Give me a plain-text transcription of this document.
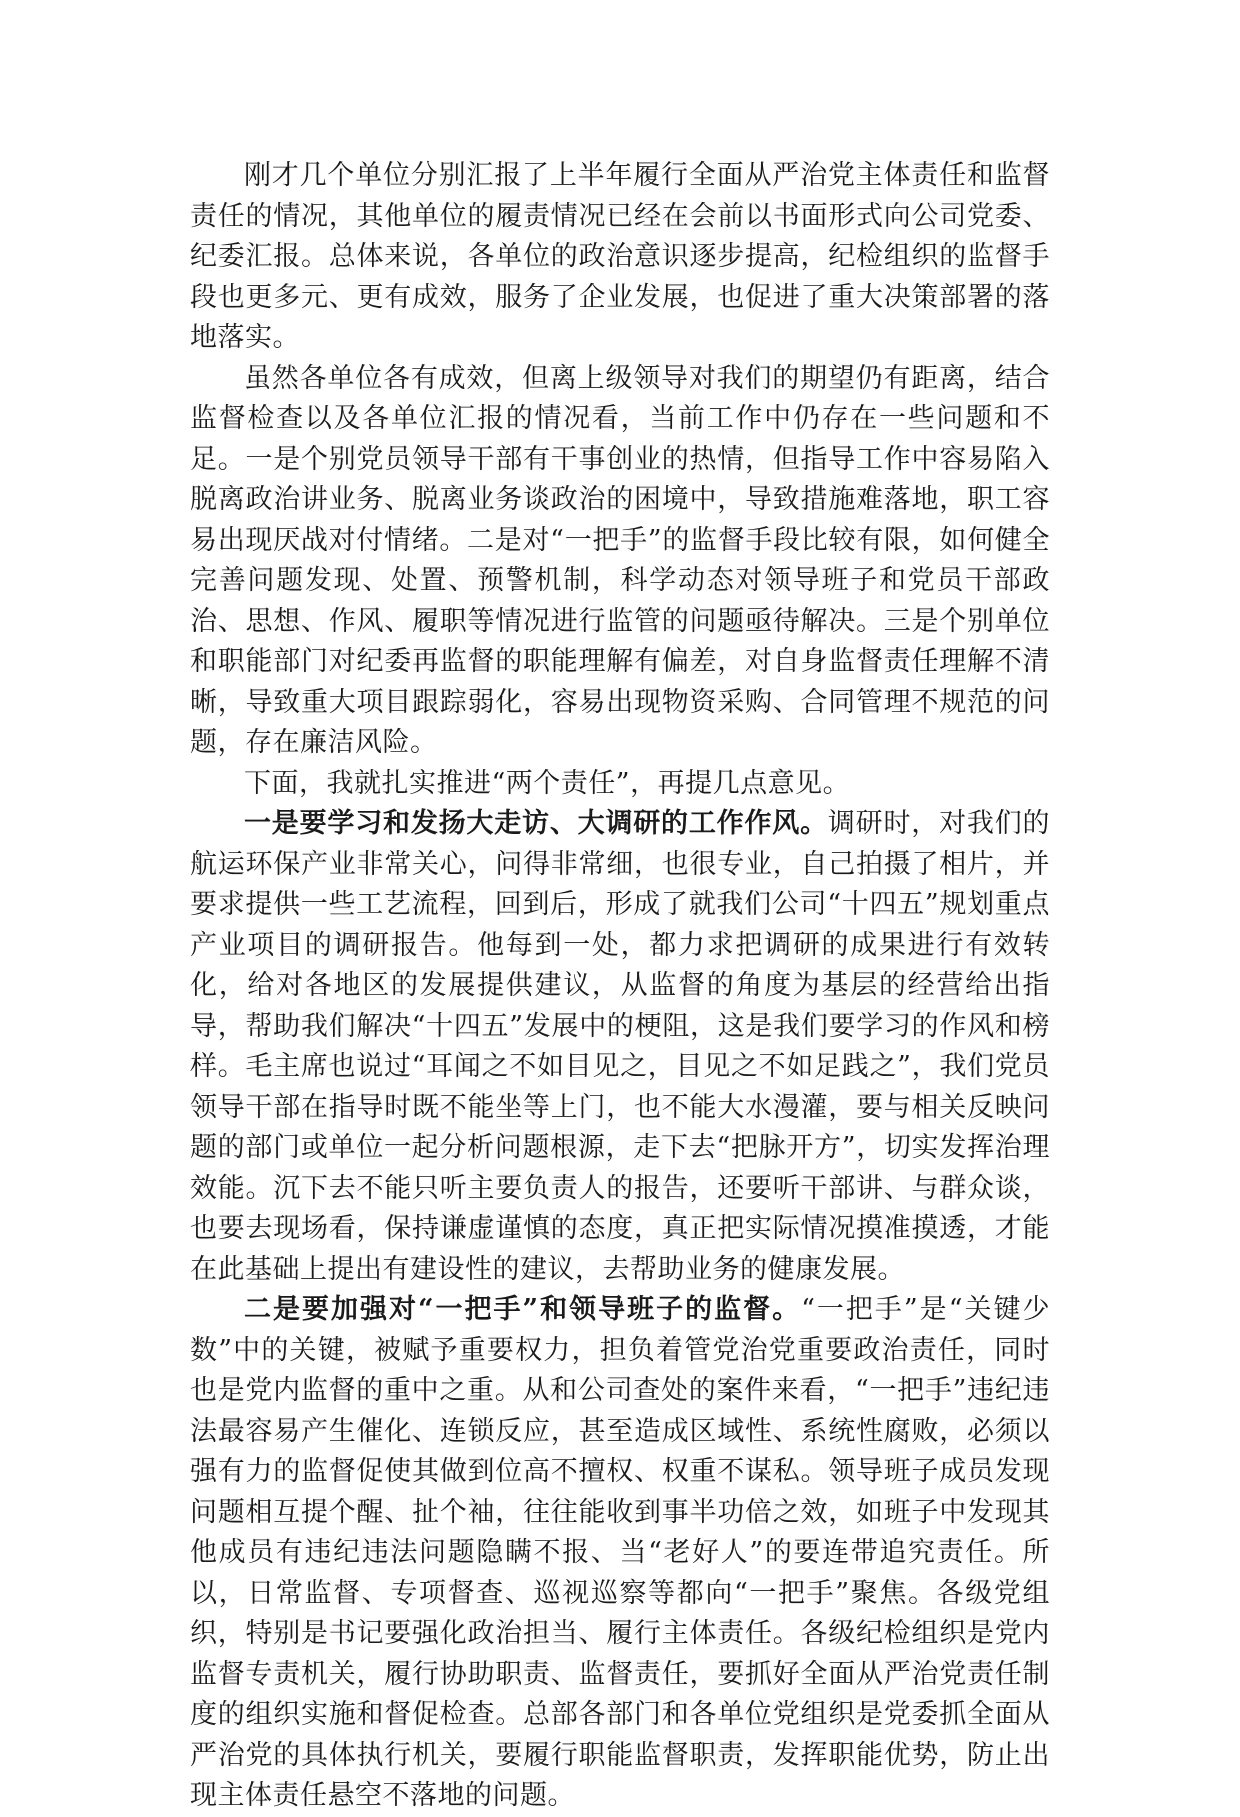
刚才几个单位分别汇报了上半年履行全面从严治党主体责任和监督责任的情况，其他单位的履责情况已经在会前以书面形式向公司党委、纪委汇报。总体来说，各单位的政治意识逐步提高，纪检组织的监督手段也更多元、更有成效，服务了企业发展，也促进了重大决策部署的落地落实。

虽然各单位各有成效，但离上级领导对我们的期望仍有距离，结合监督检查以及各单位汇报的情况看，当前工作中仍存在一些问题和不足。一是个别党员领导干部有干事创业的热情，但指导工作中容易陷入脱离政治讲业务、脱离业务谈政治的困境中，导致措施难落地，职工容易出现厌战对付情绪。二是对“一把手”的监督手段比较有限，如何健全完善问题发现、处置、预警机制，科学动态对领导班子和党员干部政治、思想、作风、履职等情况进行监管的问题亟待解决。三是个别单位和职能部门对纪委再监督的职能理解有偏差，对自身监督责任理解不清晰，导致重大项目跟踪弱化，容易出现物资采购、合同管理不规范的问题，存在廉洁风险。

下面，我就扎实推进“两个责任”，再提几点意见。

一是要学习和发扬大走访、大调研的工作作风。调研时，对我们的航运环保产业非常关心，问得非常细，也很专业，自己拍摄了相片，并要求提供一些工艺流程，回到后，形成了就我们公司“十四五”规划重点产业项目的调研报告。他每到一处，都力求把调研的成果进行有效转化，给对各地区的发展提供建议，从监督的角度为基层的经营给出指导，帮助我们解决“十四五”发展中的梗阻，这是我们要学习的作风和榜样。毛主席也说过“耳闻之不如目见之，目见之不如足践之”，我们党员领导干部在指导时既不能坐等上门，也不能大水漫灌，要与相关反映问题的部门或单位一起分析问题根源，走下去“把脉开方”，切实发挥治理效能。沉下去不能只听主要负责人的报告，还要听干部讲、与群众谈，也要去现场看，保持谦虚谨慎的态度，真正把实际情况摸准摸透，才能在此基础上提出有建设性的建议，去帮助业务的健康发展。

二是要加强对“一把手”和领导班子的监督。“一把手”是“关键少数”中的关键，被赋予重要权力，担负着管党治党重要政治责任，同时也是党内监督的重中之重。从和公司查处的案件来看，“一把手”违纪违法最容易产生催化、连锁反应，甚至造成区域性、系统性腐败，必须以强有力的监督促使其做到位高不擅权、权重不谋私。领导班子成员发现问题相互提个醒、扯个袖，往往能收到事半功倍之效，如班子中发现其他成员有违纪违法问题隐瞒不报、当“老好人”的要连带追究责任。所以，日常监督、专项督查、巡视巡察等都向“一把手”聚焦。各级党组织，特别是书记要强化政治担当、履行主体责任。各级纪检组织是党内监督专责机关，履行协助职责、监督责任，要抓好全面从严治党责任制度的组织实施和督促检查。总部各部门和各单位党组织是党委抓全面从严治党的具体执行机关，要履行职能监督职责，发挥职能优势，防止出现主体责任悬空不落地的问题。
